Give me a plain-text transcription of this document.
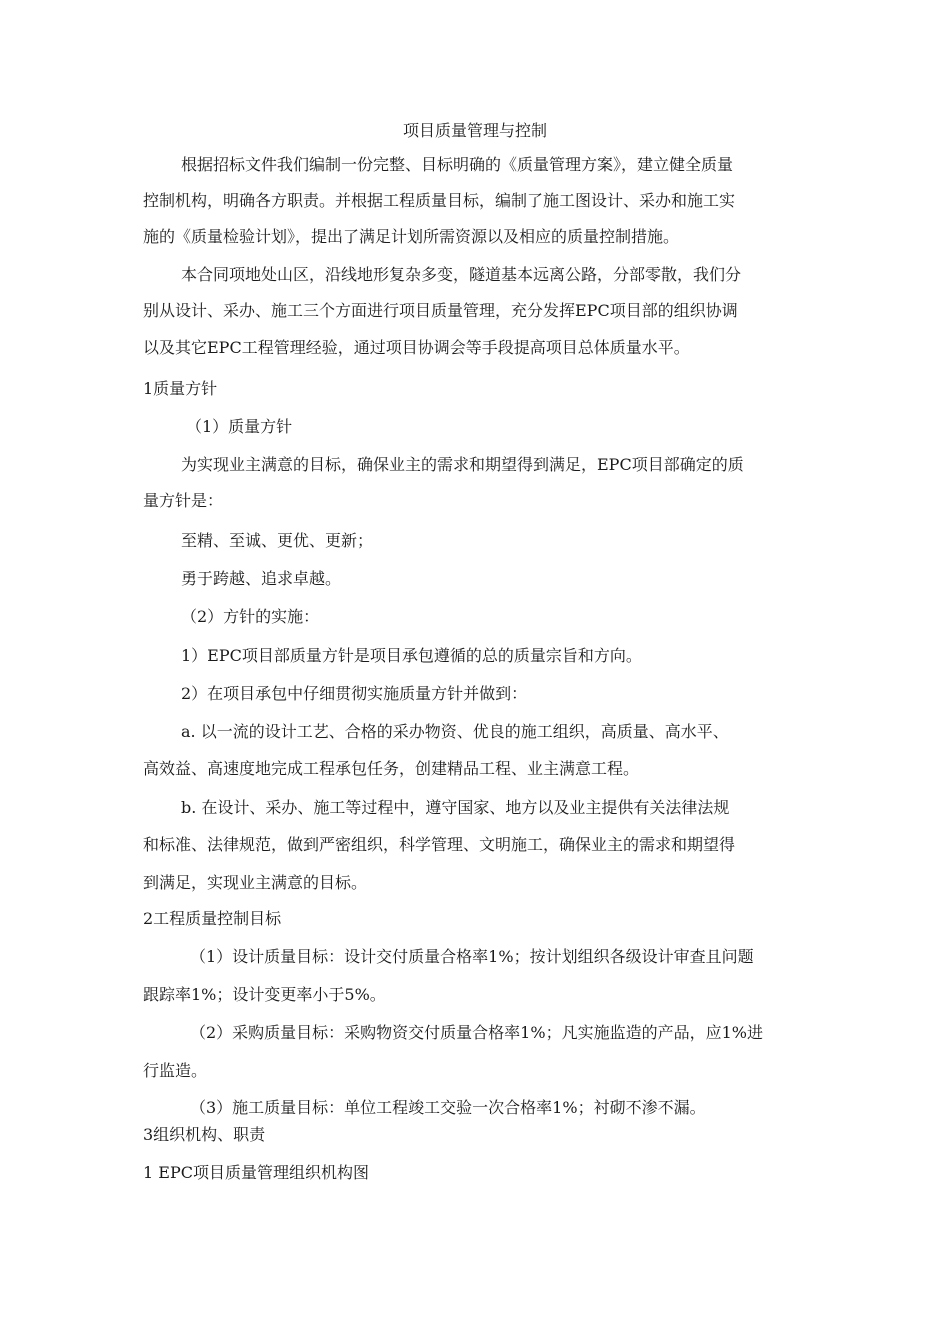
项目质量管理与控制

根据招标文件我们编制一份完整、目标明确的《质量管理方案》，建立健全质量

控制机构，明确各方职责。并根据工程质量目标，编制了施工图设计、采办和施工实

施的《质量检验计划》，提出了满足计划所需资源以及相应的质量控制措施。

本合同项地处山区，沿线地形复杂多变，隧道基本远离公路，分部零散，我们分

别从设计、采办、施工三个方面进行项目质量管理，充分发挥EPC项目部的组织协调

以及其它EPC工程管理经验，通过项目协调会等手段提高项目总体质量水平。

1质量方针

（1）质量方针

为实现业主满意的目标，确保业主的需求和期望得到满足，EPC项目部确定的质

量方针是：

至精、至诚、更优、更新；

勇于跨越、追求卓越。

（2）方针的实施：

1）EPC项目部质量方针是项目承包遵循的总的质量宗旨和方向。

2）在项目承包中仔细贯彻实施质量方针并做到：

a. 以一流的设计工艺、合格的采办物资、优良的施工组织，高质量、高水平、

高效益、高速度地完成工程承包任务，创建精品工程、业主满意工程。

b. 在设计、采办、施工等过程中，遵守国家、地方以及业主提供有关法律法规

和标准、法律规范，做到严密组织，科学管理、文明施工，确保业主的需求和期望得

到满足，实现业主满意的目标。

2工程质量控制目标

（1）设计质量目标：设计交付质量合格率1%；按计划组织各级设计审查且问题

跟踪率1%；设计变更率小于5%。

（2）采购质量目标：采购物资交付质量合格率1%；凡实施监造的产品，应1%进

行监造。

（3）施工质量目标：单位工程竣工交验一次合格率1%；衬砌不渗不漏。

3组织机构、职责

1 EPC项目质量管理组织机构图
